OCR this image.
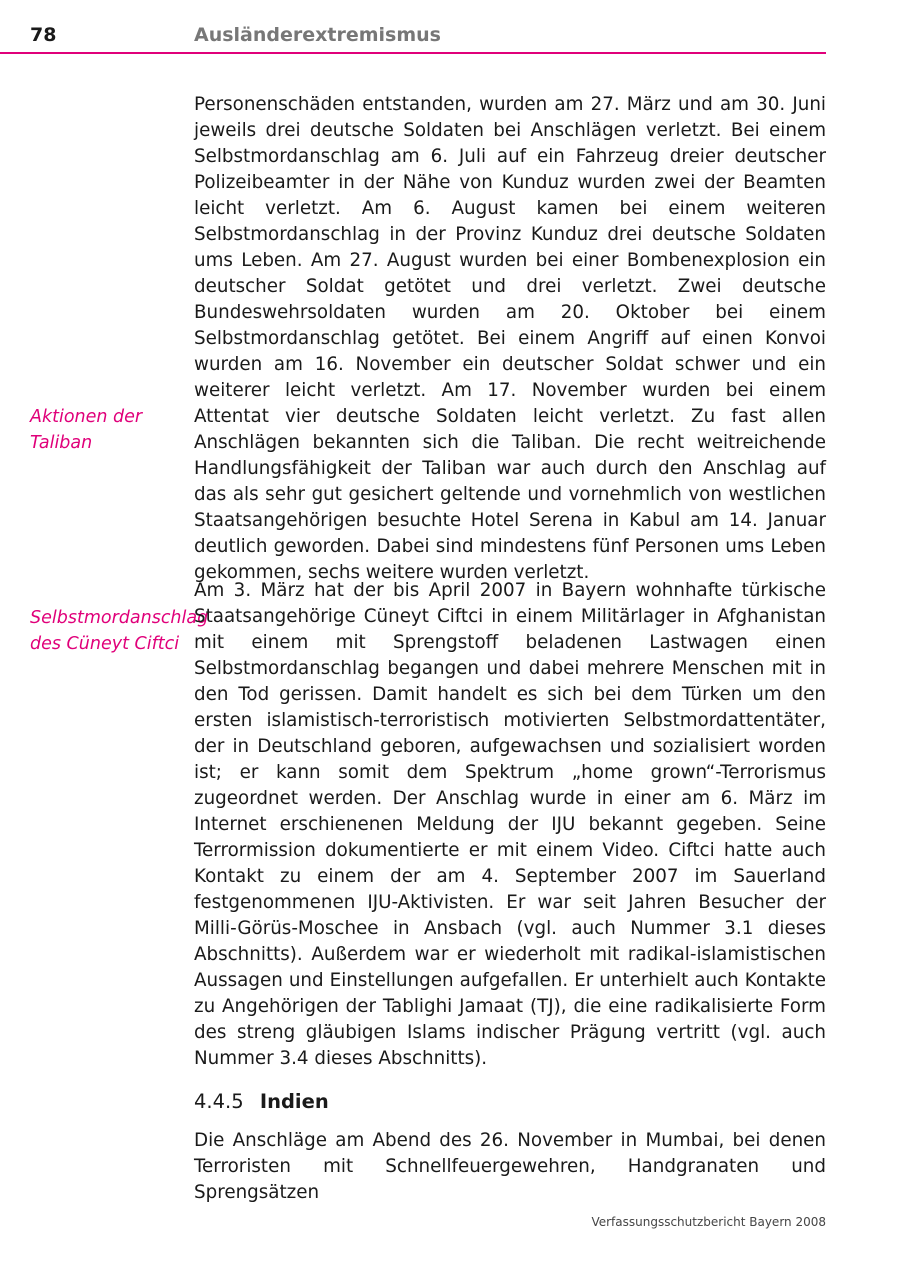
78	Ausländerextremismus
Aktionen der Taliban
Selbstmordanschlag des Cüneyt Ciftci

Personenschäden entstanden, wurden am 27. März und am 30. Juni jeweils drei deutsche Soldaten bei Anschlägen verletzt. Bei einem Selbstmordanschlag am 6. Juli auf ein Fahrzeug dreier deutscher Polizeibeamter in der Nähe von Kunduz wurden zwei der Beamten leicht verletzt. Am 6. August kamen bei einem weiteren Selbstmordanschlag in der Provinz Kunduz drei deutsche Soldaten ums Leben. Am 27. August wurden bei einer Bombenexplosion ein deutscher Soldat getötet und drei verletzt. Zwei deutsche Bundeswehrsoldaten wurden am 20. Oktober bei einem Selbstmordanschlag getötet. Bei einem Angriff auf einen Konvoi wurden am 16. November ein deutscher Soldat schwer und ein weiterer leicht verletzt. Am 17. November wurden bei einem Attentat vier deutsche Soldaten leicht verletzt. Zu fast allen Anschlägen bekannten sich die Taliban. Die recht weitreichende Handlungsfähigkeit der Taliban war auch durch den Anschlag auf das als sehr gut gesichert geltende und vornehmlich von westlichen Staatsangehörigen besuchte Hotel Serena in Kabul am 14. Januar deutlich geworden. Dabei sind mindestens fünf Personen ums Leben gekommen, sechs weitere wurden verletzt.

Am 3. März hat der bis April 2007 in Bayern wohnhafte türkische Staatsangehörige Cüneyt Ciftci in einem Militärlager in Afghanistan mit einem mit Sprengstoff beladenen Lastwagen einen Selbstmordanschlag begangen und dabei mehrere Menschen mit in den Tod gerissen. Damit handelt es sich bei dem Türken um den ersten islamistisch-terroristisch motivierten Selbstmordattentäter, der in Deutschland geboren, aufgewachsen und sozialisiert worden ist; er kann somit dem Spektrum „home grown“-Terrorismus zugeordnet werden. Der Anschlag wurde in einer am 6. März im Internet erschienenen Meldung der IJU bekannt gegeben. Seine Terrormission dokumentierte er mit einem Video. Ciftci hatte auch Kontakt zu einem der am 4. September 2007 im Sauerland festgenommenen IJU-Aktivisten. Er war seit Jahren Besucher der Milli-Görüs-Moschee in Ansbach (vgl. auch Nummer 3.1 dieses Abschnitts). Außerdem war er wiederholt mit radikal-islamistischen Aussagen und Einstellungen aufgefallen. Er unterhielt auch Kontakte zu Angehörigen der Tablighi Jamaat (TJ), die eine radikalisierte Form des streng gläubigen Islams indischer Prägung vertritt (vgl. auch Nummer 3.4 dieses Abschnitts).

4.4.5 Indien

Die Anschläge am Abend des 26. November in Mumbai, bei denen Terroristen mit Schnellfeuergewehren, Handgranaten und Sprengsätzen

Verfassungsschutzbericht Bayern 2008
